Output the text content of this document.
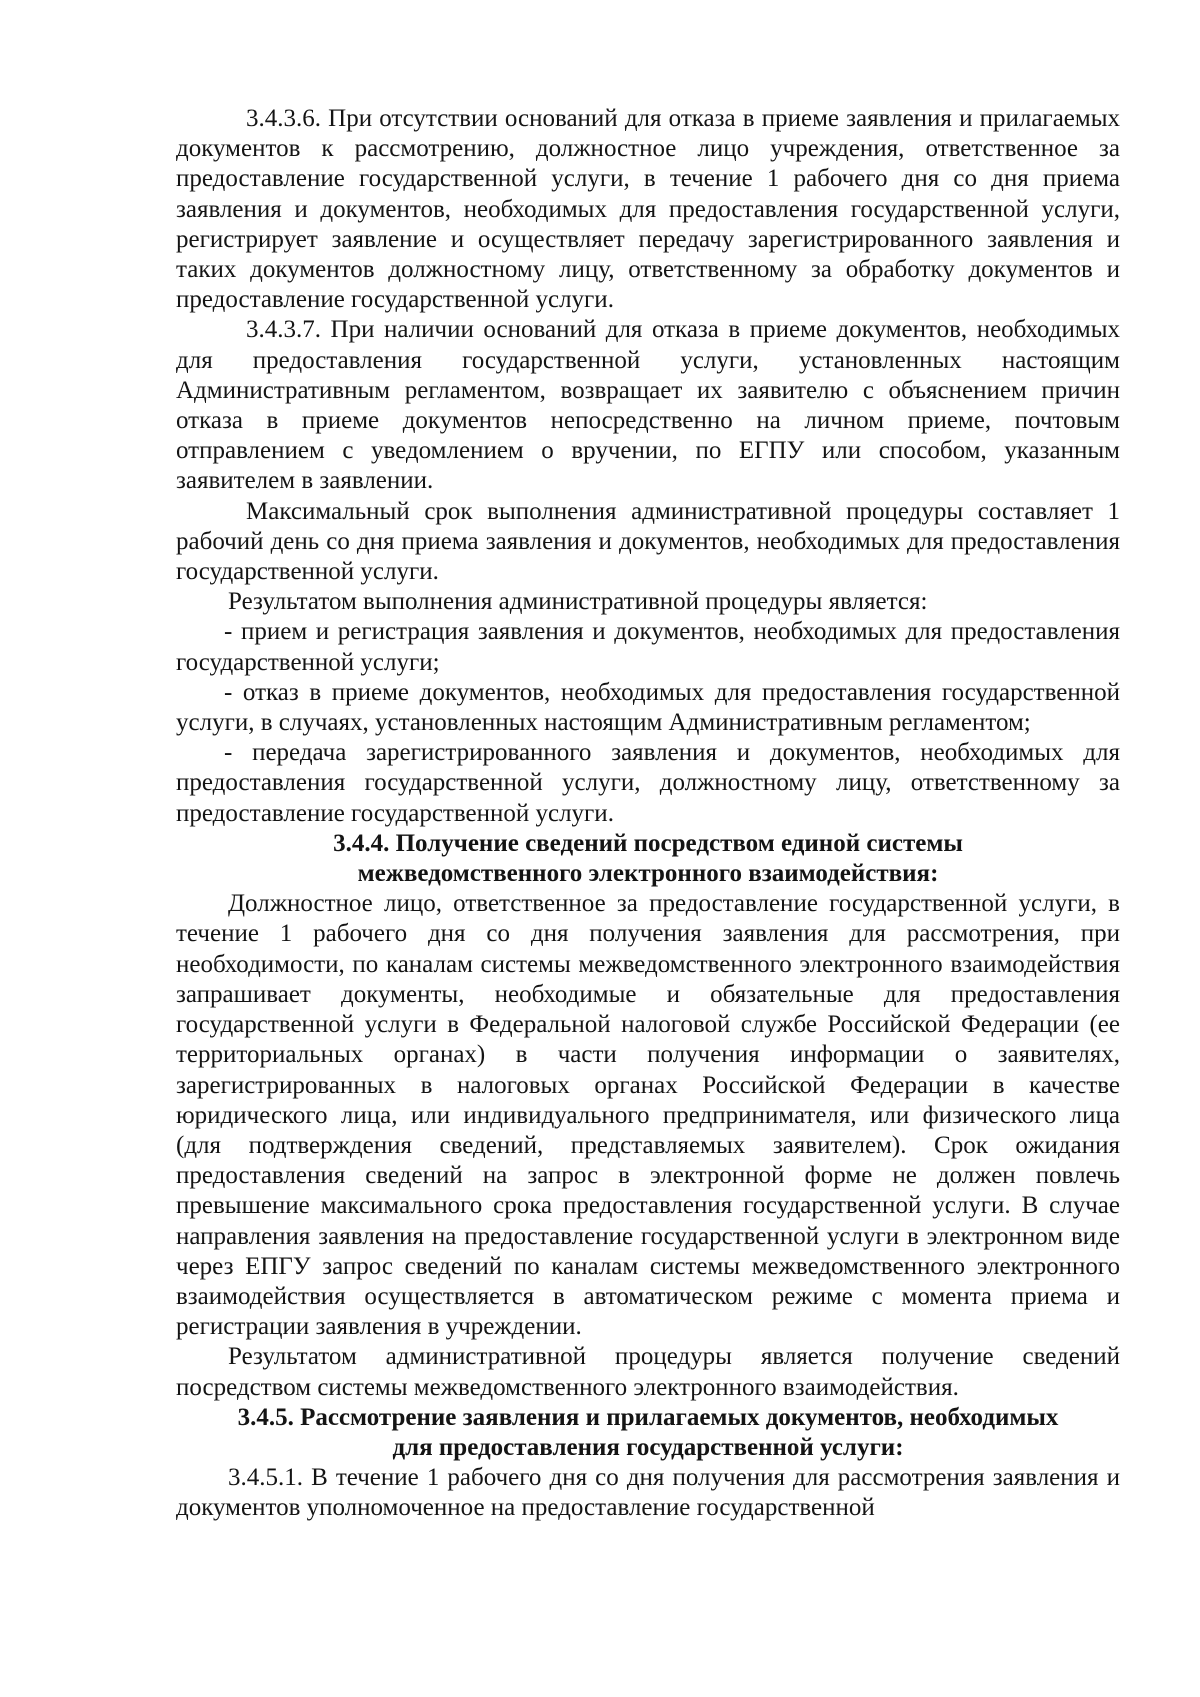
3.4.3.6. При отсутствии оснований для отказа в приеме заявления и прилагаемых документов к рассмотрению, должностное лицо учреждения, ответственное за предоставление государственной услуги, в течение 1 рабочего дня со дня приема заявления и документов, необходимых для предоставления государственной услуги, регистрирует заявление и осуществляет передачу зарегистрированного заявления и таких документов должностному лицу, ответственному за обработку документов и предоставление государственной услуги.

3.4.3.7. При наличии оснований для отказа в приеме документов, необходимых для предоставления государственной услуги, установленных настоящим Административным регламентом, возвращает их заявителю с объяснением причин отказа в приеме документов непосредственно на личном приеме, почтовым отправлением с уведомлением о вручении, по ЕГПУ или способом, указанным заявителем в заявлении.

Максимальный срок выполнения административной процедуры составляет 1 рабочий день со дня приема заявления и документов, необходимых для предоставления государственной услуги.

Результатом выполнения административной процедуры является:

- прием и регистрация заявления и документов, необходимых для предоставления государственной услуги;

- отказ в приеме документов, необходимых для предоставления государственной услуги, в случаях, установленных настоящим Административным регламентом;

- передача зарегистрированного заявления и документов, необходимых для предоставления государственной услуги, должностному лицу, ответственному за предоставление государственной услуги.

3.4.4. Получение сведений посредством единой системы
межведомственного электронного взаимодействия:

Должностное лицо, ответственное за предоставление государственной услуги, в течение 1 рабочего дня со дня получения заявления для рассмотрения, при необходимости, по каналам системы межведомственного электронного взаимодействия запрашивает документы, необходимые и обязательные для предоставления государственной услуги в Федеральной налоговой службе Российской Федерации (ее территориальных органах) в части получения информации о заявителях, зарегистрированных в налоговых органах Российской Федерации в качестве юридического лица, или индивидуального предпринимателя, или физического лица (для подтверждения сведений, представляемых заявителем). Срок ожидания предоставления сведений на запрос в электронной форме не должен повлечь превышение максимального срока предоставления государственной услуги. В случае направления заявления на предоставление государственной услуги в электронном виде через ЕПГУ запрос сведений по каналам системы межведомственного электронного взаимодействия осуществляется в автоматическом режиме с момента приема и регистрации заявления в учреждении.

Результатом административной процедуры является получение сведений посредством системы межведомственного электронного взаимодействия.

3.4.5. Рассмотрение заявления и прилагаемых документов, необходимых
для предоставления государственной услуги:

3.4.5.1. В течение 1 рабочего дня со дня получения для рассмотрения заявления и документов уполномоченное на предоставление государственной
